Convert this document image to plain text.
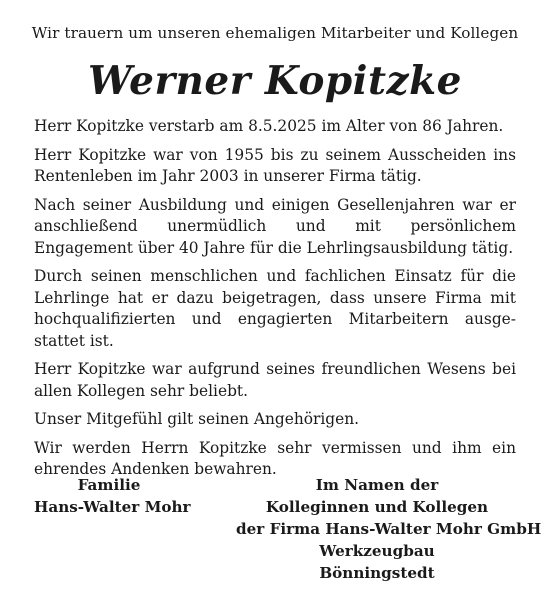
Wir trauern um unseren ehemaligen Mitarbeiter und Kollegen
Werner Kopitzke

Herr Kopitzke verstarb am 8.5.2025 im Alter von 86 Jahren.

Herr Kopitzke war von 1955 bis zu seinem Ausscheiden ins Rentenleben im Jahr 2003 in unserer Firma tätig.

Nach seiner Ausbildung und einigen Gesellenjahren war er anschließend unermüdlich und mit persönlichem Engagement über 40 Jahre für die Lehrlingsausbildung tätig.

Durch seinen menschlichen und fachlichen Einsatz für die Lehrlinge hat er dazu beigetragen, dass unsere Firma mit hochqualifizierten und engagierten Mitarbeitern ausge-​stattet ist.

Herr Kopitzke war aufgrund seines freundlichen Wesens bei allen Kollegen sehr beliebt.

Unser Mitgefühl gilt seinen Angehörigen.

Wir werden Herrn Kopitzke sehr vermissen und ihm ein ehrendes Andenken bewahren.

Familie
Hans-Walter Mohr
Im Namen der
Kolleginnen und Kollegen
der Firma Hans-Walter Mohr GmbH
Werkzeugbau
Bönningstedt
